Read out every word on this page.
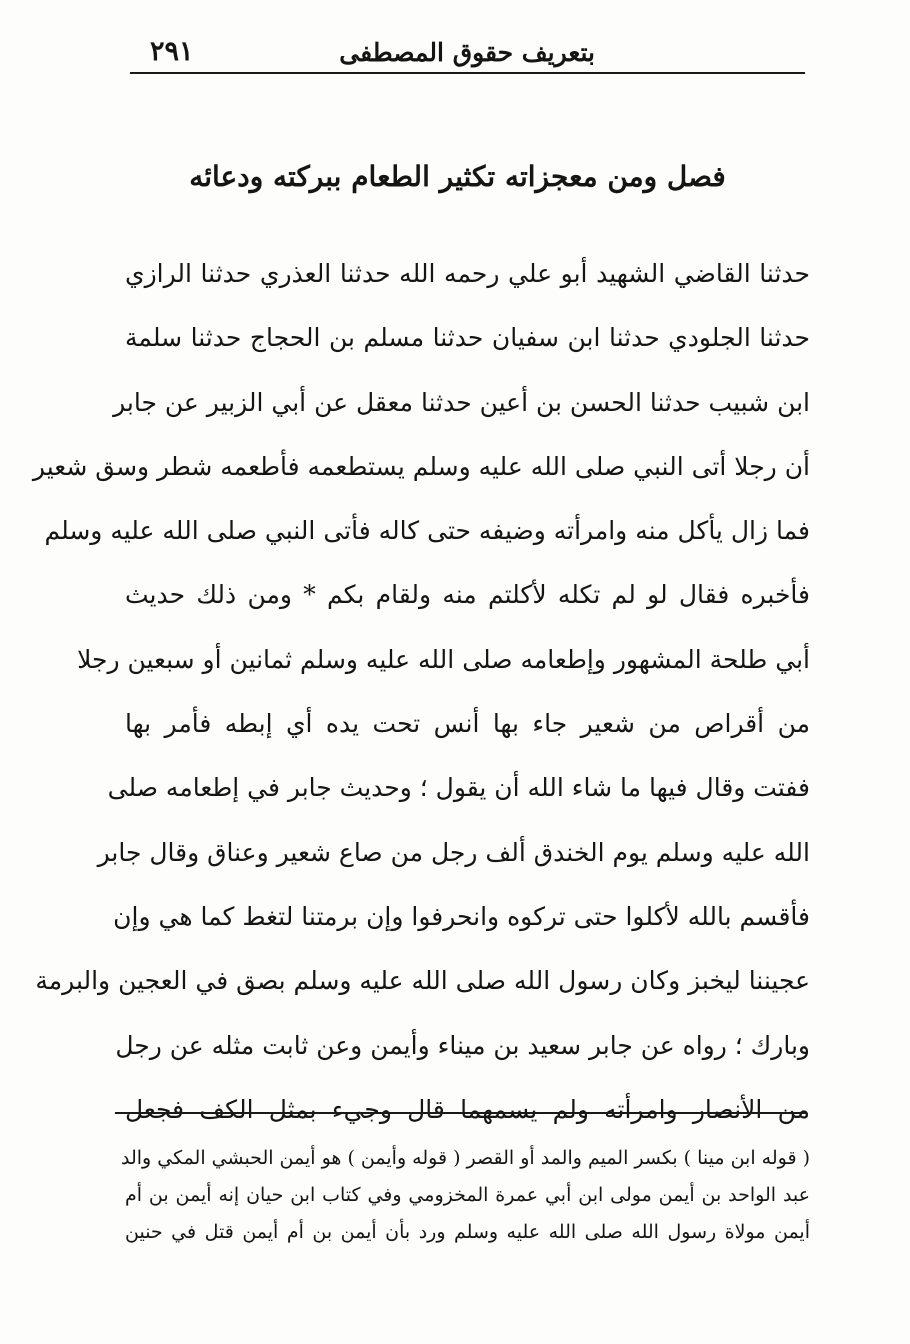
بتعريف حقوق المصطفى
٢٩١
فصل ومن معجزاته تكثير الطعام ببركته ودعائه
حدثنا القاضي الشهيد أبو علي رحمه الله حدثنا العذري حدثنا الرازي
حدثنا الجلودي حدثنا ابن سفيان حدثنا مسلم بن الحجاج حدثنا سلمة
ابن شبيب حدثنا الحسن بن أعين حدثنا معقل عن أبي الزبير عن جابر
أن رجلا أتى النبي صلى الله عليه وسلم يستطعمه فأطعمه شطر وسق شعير
فما زال يأكل منه وامرأته وضيفه حتى كاله فأتى النبي صلى الله عليه وسلم
فأخبره فقال لو لم تكله لأكلتم منه ولقام بكم * ومن ذلك حديث
أبي طلحة المشهور وإطعامه صلى الله عليه وسلم ثمانين أو سبعين رجلا
من أقراص من شعير جاء بها أنس تحت يده أي إبطه فأمر بها
ففتت وقال فيها ما شاء الله أن يقول ؛ وحديث جابر في إطعامه صلى
الله عليه وسلم يوم الخندق ألف رجل من صاع شعير وعناق وقال جابر
فأقسم بالله لأكلوا حتى تركوه وانحرفوا وإن برمتنا لتغط كما هي وإن
عجيننا ليخبز وكان رسول الله صلى الله عليه وسلم بصق في العجين والبرمة
وبارك ؛ رواه عن جابر سعيد بن ميناء وأيمن وعن ثابت مثله عن رجل
من الأنصار وامرأته ولم يسمهما قال وجيء بمثل الكف فجعل
( قوله ابن مينا ) بكسر الميم والمد أو القصر ( قوله وأيمن ) هو أيمن الحبشي المكي والد
عبد الواحد بن أيمن مولى ابن أبي عمرة المخزومي وفي كتاب ابن حيان إنه أيمن بن أم
أيمن مولاة رسول الله صلى الله عليه وسلم ورد بأن أيمن بن أم أيمن قتل في حنين
